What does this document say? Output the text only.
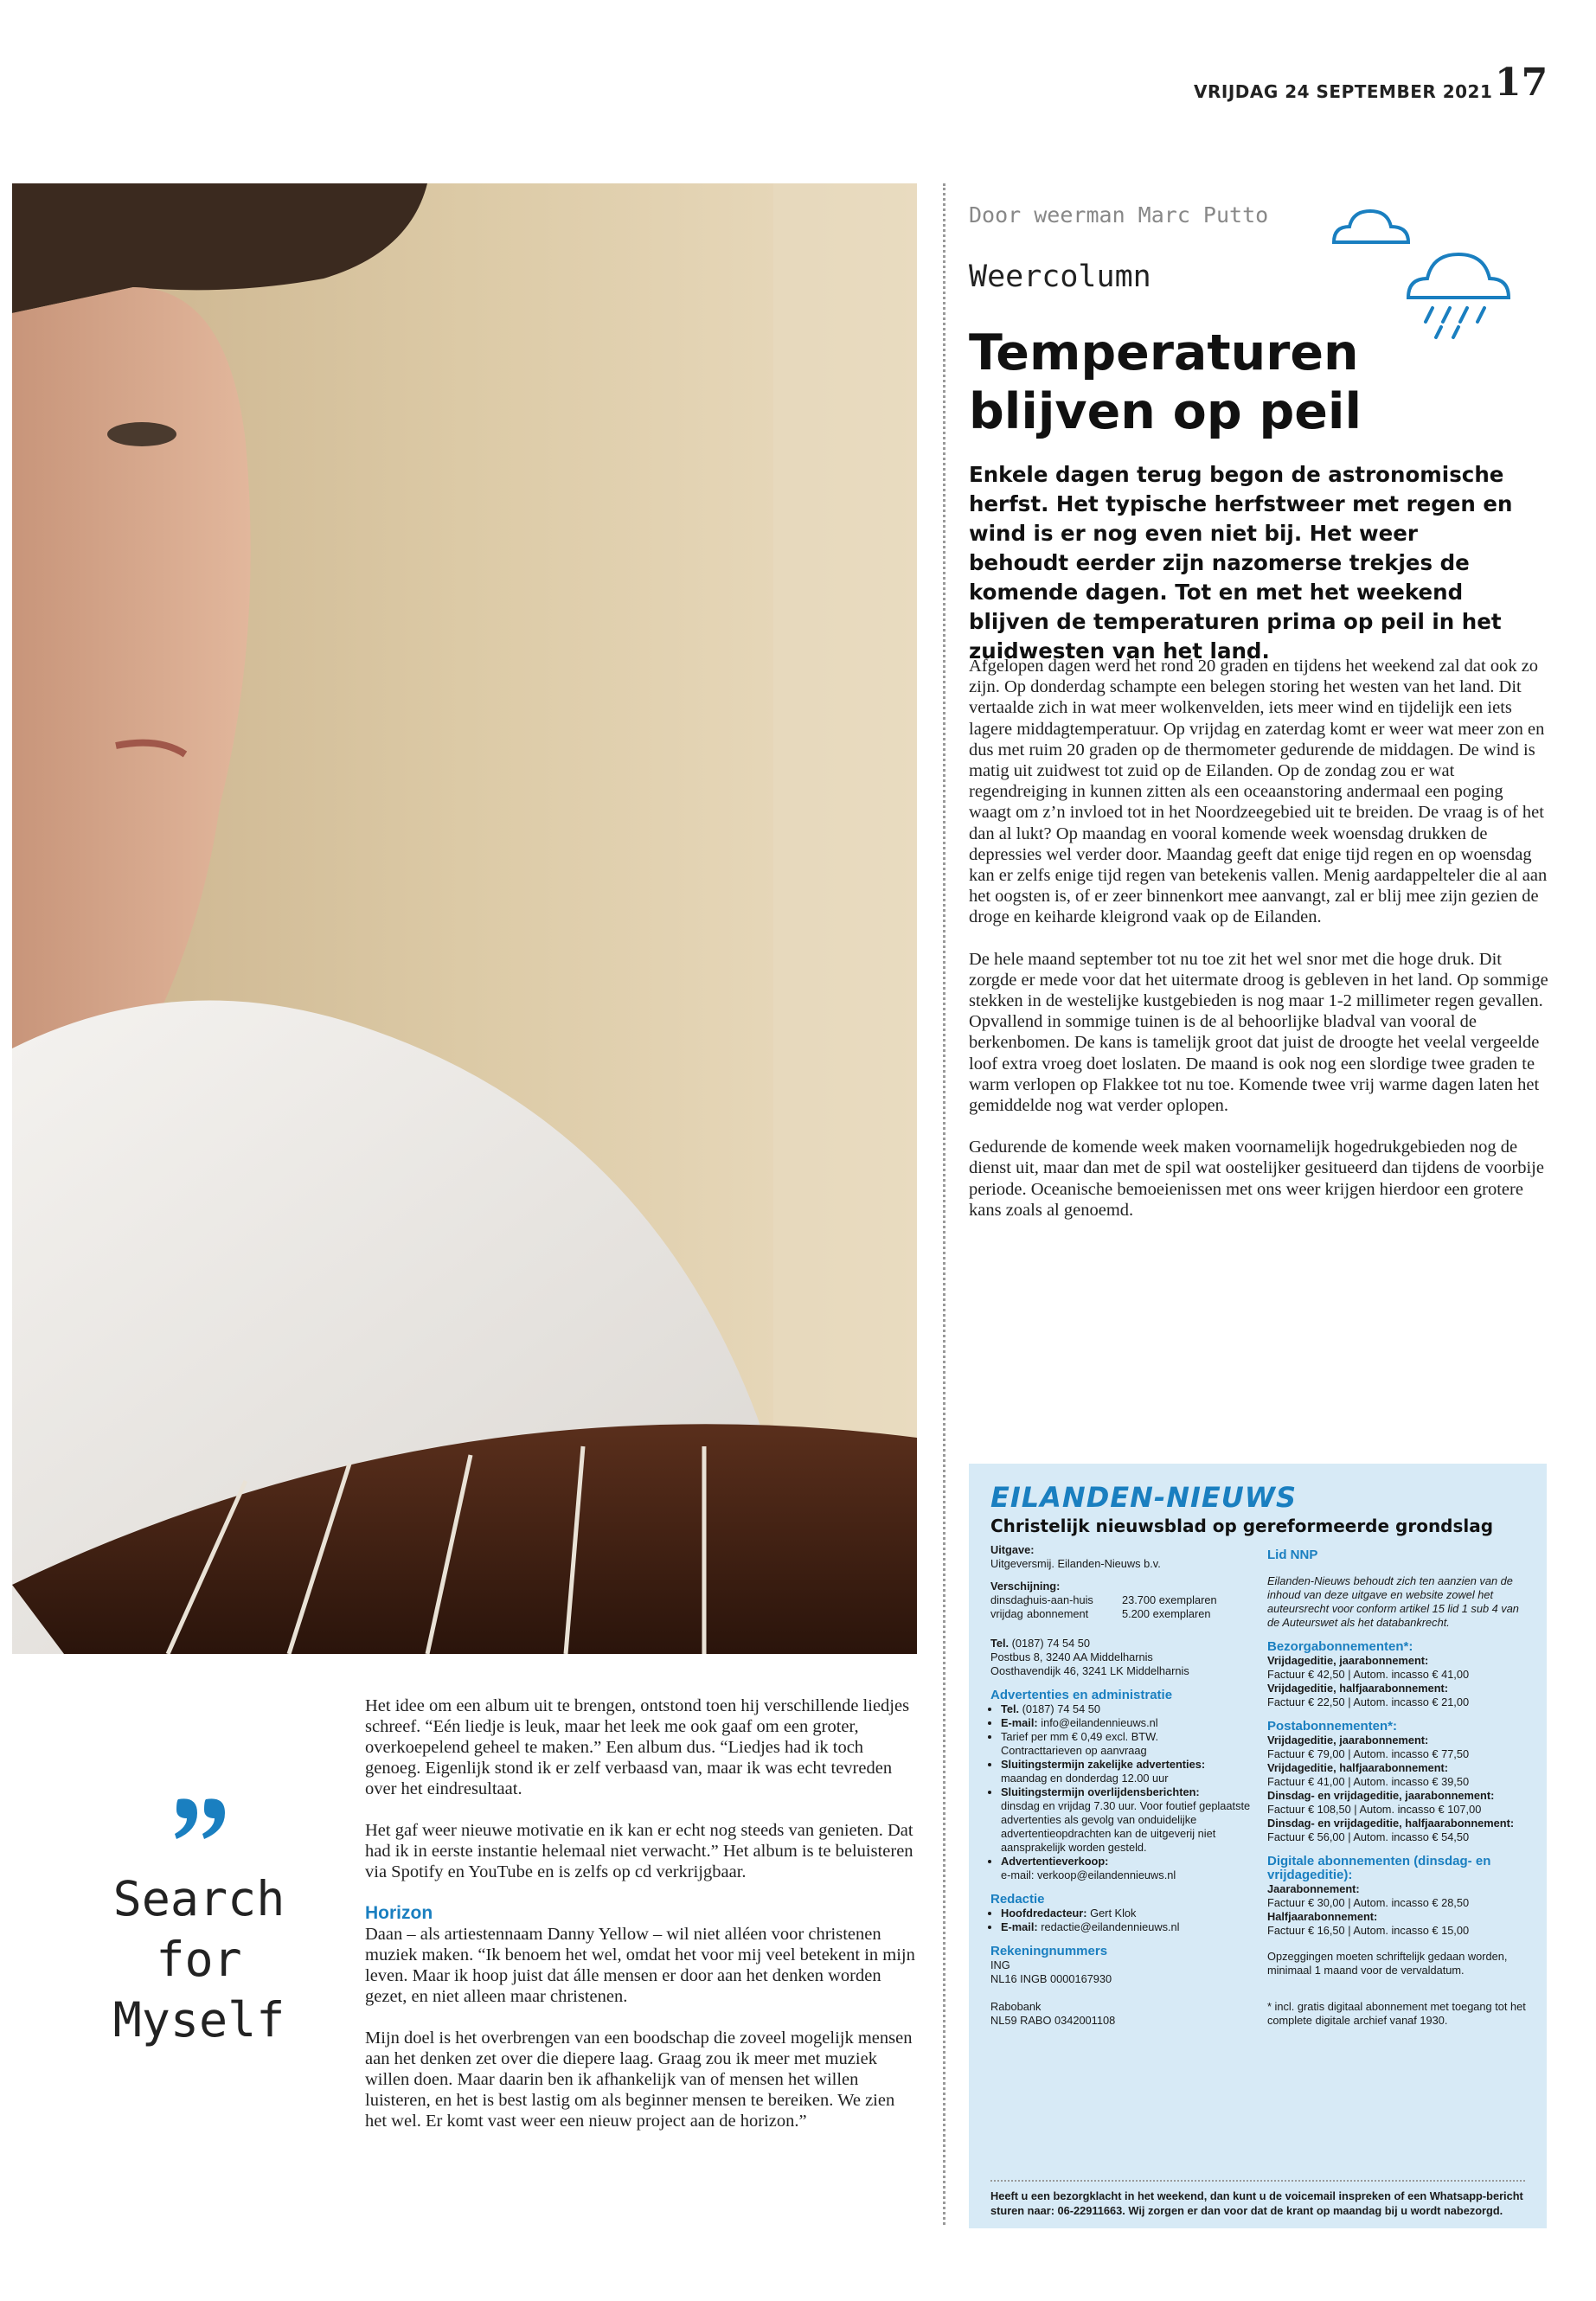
VRIJDAG 24 SEPTEMBER 2021 17
Door weerman Marc Putto
Weercolumn
Temperaturen blijven op peil
Enkele dagen terug begon de astronomische herfst. Het typische herfstweer met regen en wind is er nog even niet bij. Het weer behoudt eerder zijn nazomerse trekjes de komende dagen. Tot en met het weekend blijven de temperaturen prima op peil in het zuidwesten van het land.

Afgelopen dagen werd het rond 20 graden en tijdens het weekend zal dat ook zo zijn. Op donderdag schampte een belegen storing het westen van het land. Dit vertaalde zich in wat meer wolkenvelden, iets meer wind en tijdelijk een iets lagere middagtemperatuur. Op vrijdag en zaterdag komt er weer wat meer zon en dus met ruim 20 graden op de thermometer gedurende de middagen. De wind is matig uit zuidwest tot zuid op de Eilanden. Op de zondag zou er wat regendreiging in kunnen zitten als een oceaanstoring andermaal een poging waagt om z’n invloed tot in het Noordzeegebied uit te breiden. De vraag is of het dan al lukt? Op maandag en vooral komende week woensdag drukken de depressies wel verder door. Maandag geeft dat enige tijd regen en op woensdag kan er zelfs enige tijd regen van betekenis vallen. Menig aardappelteler die al aan het oogsten is, of er zeer binnenkort mee aanvangt, zal er blij mee zijn gezien de droge en keiharde kleigrond vaak op de Eilanden.

De hele maand september tot nu toe zit het wel snor met die hoge druk. Dit zorgde er mede voor dat het uitermate droog is gebleven in het land. Op sommige stekken in de westelijke kustgebieden is nog maar 1-2 millimeter regen gevallen. Opvallend in sommige tuinen is de al behoorlijke bladval van vooral de berkenbomen. De kans is tamelijk groot dat juist de droogte het veelal vergeelde loof extra vroeg doet loslaten. De maand is ook nog een slordige twee graden te warm verlopen op Flakkee tot nu toe. Komende twee vrij warme dagen laten het gemiddelde nog wat verder oplopen.

Gedurende de komende week maken voornamelijk hogedrukgebieden nog de dienst uit, maar dan met de spil wat oostelijker gesitueerd dan tijdens de voorbije periode. Oceanische bemoeienissen met ons weer krijgen hierdoor een grotere kans zoals al genoemd.

Search for Myself

Het idee om een album uit te brengen, ontstond toen hij verschillende liedjes schreef. “Eén liedje is leuk, maar het leek me ook gaaf om een groter, overkoepelend geheel te maken.” Een album dus. “Liedjes had ik toch genoeg. Eigenlijk stond ik er zelf verbaasd van, maar ik was echt tevreden over het eindresultaat.

Het gaf weer nieuwe motivatie en ik kan er echt nog steeds van genieten. Dat had ik in eerste instantie helemaal niet verwacht.” Het album is te beluisteren via Spotify en YouTube en is zelfs op cd verkrijgbaar.

Horizon

Daan – als artiestennaam Danny Yellow – wil niet alléen voor christenen muziek maken. “Ik benoem het wel, omdat het voor mij veel betekent in mijn leven. Maar ik hoop juist dat álle mensen er door aan het denken worden gezet, en niet alleen maar christenen.

Mijn doel is het overbrengen van een boodschap die zoveel mogelijk mensen aan het denken zet over die diepere laag. Graag zou ik meer met muziek willen doen. Maar daarin ben ik afhankelijk van of mensen het willen luisteren, en het is best lastig om als beginner mensen te bereiken. We zien het wel. Er komt vast weer een nieuw project aan de horizon.”

EILANDEN-NIEUWS
Christelijk nieuwsblad op gereformeerde grondslag
Uitgave:
Uitgeversmij. Eilanden-Nieuws b.v.
Verschijning:
dinsdag
huis-aan-huis	23.700 exemplaren
vrijdag abonnement	5.200 exemplaren
Tel. (0187) 74 54 50
Postbus 8, 3240 AA Middelharnis
Oosthavendijk 46, 3241 LK Middelharnis
Advertenties en administratie
• Tel. (0187) 74 54 50
• E-mail: info@eilandennieuws.nl
• Tarief per mm € 0,49 excl. BTW.
Contracttarieven op aanvraag
• Sluitingstermijn zakelijke advertenties:
maandag en donderdag 12.00 uur
• Sluitingstermijn overlijdensberichten:
dinsdag en vrijdag 7.30 uur. Voor foutief geplaatste advertenties als gevolg van onduidelijke advertentieopdrachten kan de uitgeverij niet aansprakelijk worden gesteld.
• Advertentieverkoop:
e-mail: verkoop@eilandennieuws.nl
Redactie
• Hoofdredacteur: Gert Klok
• E-mail: redactie@eilandennieuws.nl
Rekeningnummers
ING
NL16 INGB 0000167930
Rabobank
NL59 RABO 0342001108
Lid NNP
Eilanden-Nieuws behoudt zich ten aanzien van de inhoud van deze uitgave en website zowel het auteursrecht voor conform artikel 15 lid 1 sub 4 van de Auteurswet als het databankrecht.
Bezorgabonnementen*:
Vrijdageditie, jaarabonnement:
Factuur € 42,50 | Autom. incasso € 41,00
Vrijdageditie, halfjaarabonnement:
Factuur € 22,50 | Autom. incasso € 21,00
Postabonnementen*:
Vrijdageditie, jaarabonnement:
Factuur € 79,00 | Autom. incasso € 77,50
Vrijdageditie, halfjaarabonnement:
Factuur € 41,00 | Autom. incasso € 39,50
Dinsdag- en vrijdageditie, jaarabonnement:
Factuur € 108,50 | Autom. incasso € 107,00
Dinsdag- en vrijdageditie, halfjaarabonnement:
Factuur € 56,00 | Autom. incasso € 54,50
Digitale abonnementen (dinsdag- en vrijdageditie):
Jaarabonnement:
Factuur € 30,00 | Autom. incasso € 28,50
Halfjaarabonnement:
Factuur € 16,50 | Autom. incasso € 15,00
Opzeggingen moeten schriftelijk gedaan worden, minimaal 1 maand voor de vervaldatum.
* incl. gratis digitaal abonnement met toegang tot het complete digitale archief vanaf 1930.
Heeft u een bezorgklacht in het weekend, dan kunt u de voicemail inspreken of een Whatsapp-bericht sturen naar: 06-22911663. Wij zorgen er dan voor dat de krant op maandag bij u wordt nabezorgd.
